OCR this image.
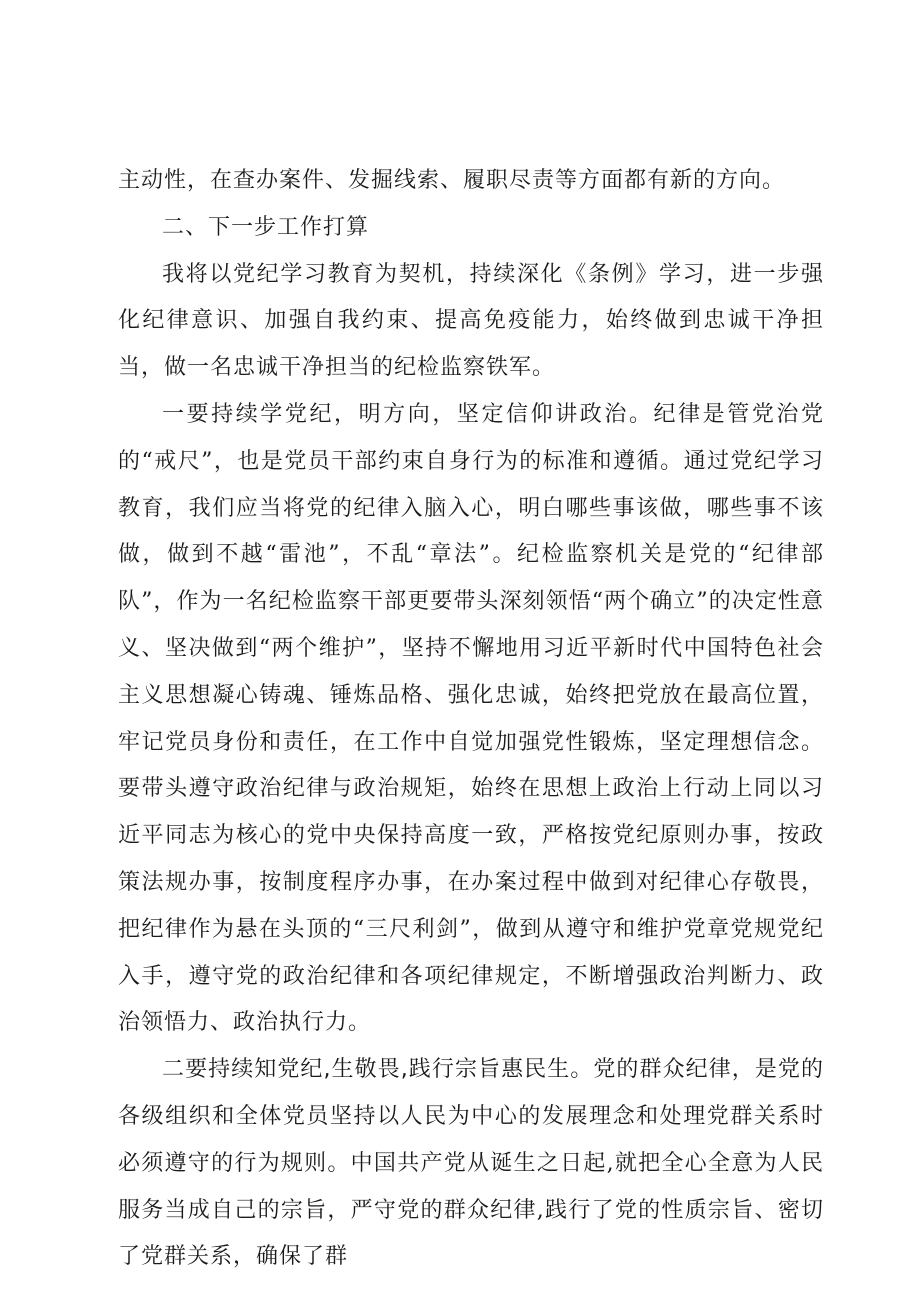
主动性，在查办案件、发掘线索、履职尽责等方面都有新的方向。

二、下一步工作打算

我将以党纪学习教育为契机，持续深化《条例》学习，进一步强化纪律意识、加强自我约束、提高免疫能力，始终做到忠诚干净担当，做一名忠诚干净担当的纪检监察铁军。

一要持续学党纪，明方向，坚定信仰讲政治。纪律是管党治党的“戒尺”，也是党员干部约束自身行为的标准和遵循。通过党纪学习教育，我们应当将党的纪律入脑入心，明白哪些事该做，哪些事不该做，做到不越“雷池”，不乱“章法”。纪检监察机关是党的“纪律部队”，作为一名纪检监察干部更要带头深刻领悟“两个确立”的决定性意义、坚决做到“两个维护”，坚持不懈地用习近平新时代中国特色社会主义思想凝心铸魂、锤炼品格、强化忠诚，始终把党放在最高位置，牢记党员身份和责任，在工作中自觉加强党性锻炼，坚定理想信念。要带头遵守政治纪律与政治规矩，始终在思想上政治上行动上同以习近平同志为核心的党中央保持高度一致，严格按党纪原则办事，按政策法规办事，按制度程序办事，在办案过程中做到对纪律心存敬畏，把纪律作为悬在头顶的“三尺利剑”，做到从遵守和维护党章党规党纪入手，遵守党的政治纪律和各项纪律规定，不断增强政治判断力、政治领悟力、政治执行力。

二要持续知党纪,生敬畏,践行宗旨惠民生。党的群众纪律，是党的各级组织和全体党员坚持以人民为中心的发展理念和处理党群关系时必须遵守的行为规则。中国共产党从诞生之日起,就把全心全意为人民服务当成自己的宗旨，严守党的群众纪律,践行了党的性质宗旨、密切了党群关系，确保了群
